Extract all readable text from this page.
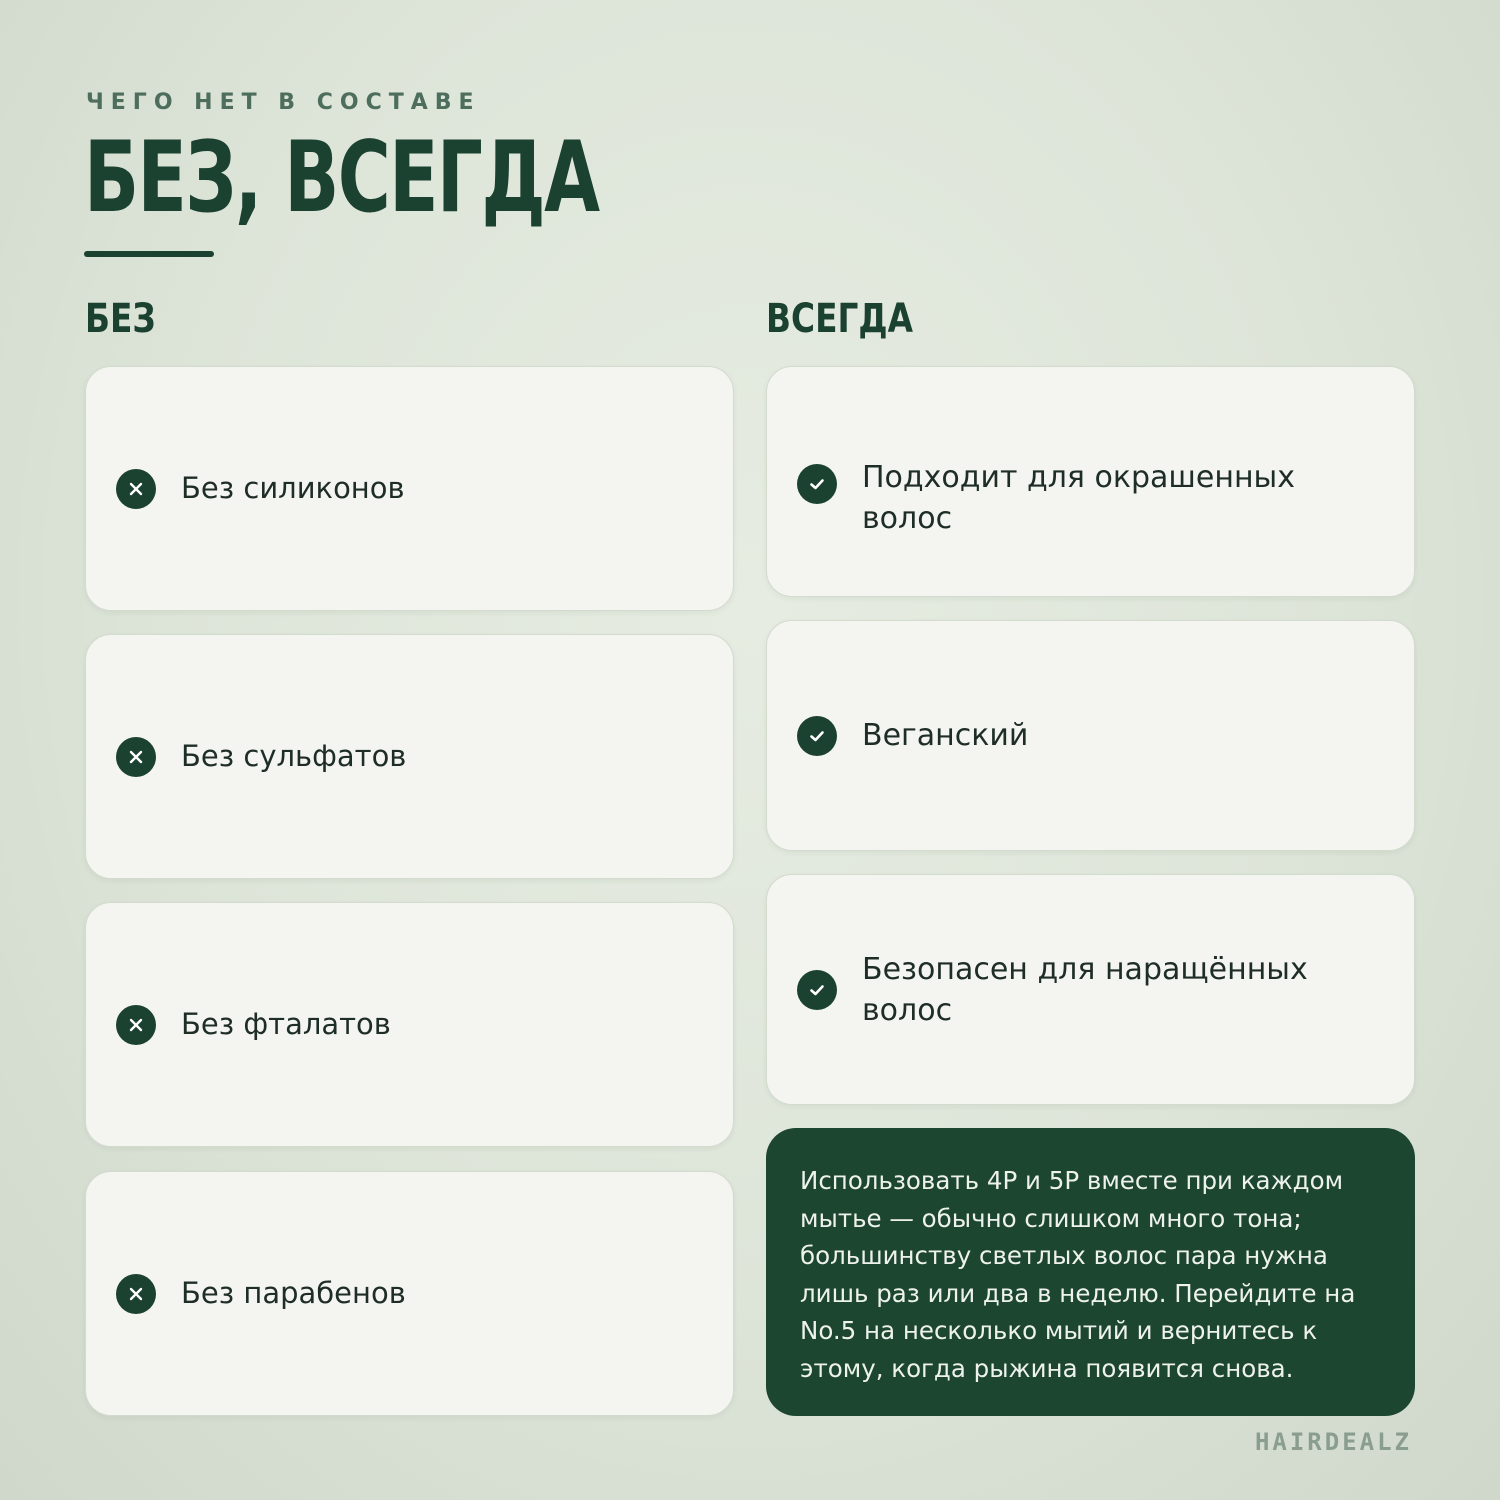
ЧЕГО НЕТ В СОСТАВЕ
БЕЗ, ВСЕГДА
БЕЗ	ВСЕГДА
Без силиконов
Без сульфатов
Без фталатов
Без парабенов
Подходит для окрашенных волос
Веганский
Безопасен для наращённых волос
Использовать 4P и 5P вместе при каждом мытье — обычно слишком много тона; большинству светлых волос пара нужна лишь раз или два в неделю. Перейдите на No.5 на несколько мытий и вернитесь к этому, когда рыжина появится снова.
HAIRDEALZ
